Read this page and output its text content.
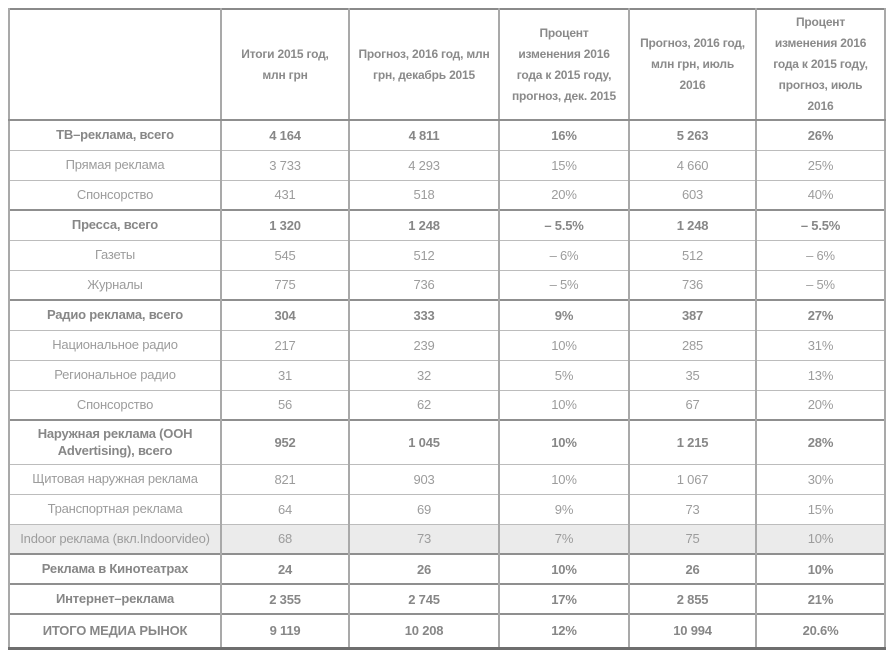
	Итоги 2015 год, млн грн	Прогноз, 2016 год, млн грн, декабрь 2015	Процент изменения 2016 года к 2015 году, прогноз, дек. 2015	Прогноз, 2016 год, млн грн, июль 2016	Процент изменения 2016 года к 2015 году, прогноз, июль 2016
ТВ–реклама, всего	4 164	4 811	16%	5 263	26%
Прямая реклама	3 733	4 293	15%	4 660	25%
Спонсорство	431	518	20%	603	40%
Пресса, всего	1 320	1 248	– 5.5%	1 248	– 5.5%
Газеты	545	512	– 6%	512	– 6%
Журналы	775	736	– 5%	736	– 5%
Радио реклама, всего	304	333	9%	387	27%
Национальное радио	217	239	10%	285	31%
Региональное радио	31	32	5%	35	13%
Спонсорство	56	62	10%	67	20%
Наружная реклама (ООН Advertising), всего	952	1 045	10%	1 215	28%
Щитовая наружная реклама	821	903	10%	1 067	30%
Транспортная реклама	64	69	9%	73	15%
Indoor реклама (вкл.Indoorvideo)	68	73	7%	75	10%
Реклама в Кинотеатрах	24	26	10%	26	10%
Интернет–реклама	2 355	2 745	17%	2 855	21%
ИТОГО МЕДИА РЫНОК	9 119	10 208	12%	10 994	20.6%
